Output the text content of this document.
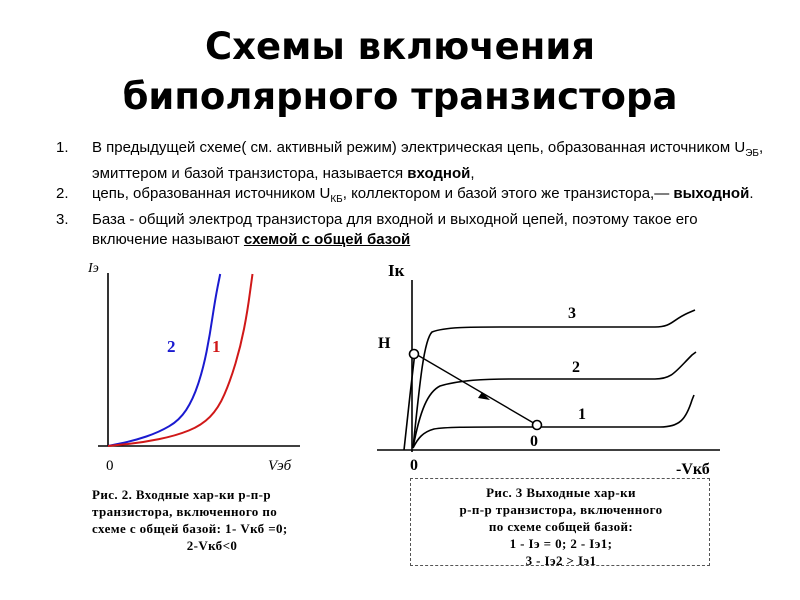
Схемы включения
биполярного транзистора
1. В предыдущей схеме( см. активный режим) электрическая цепь, образованная источником $U_{ЭБ}$, эмиттером и базой транзистора, называется входной,
2. цепь, образованная источником $U_{КБ}$, коллектором и базой этого же транзистора,— выходной.
3. База - общий электрод транзистора для входной и выходной цепей, поэтому такое его включение называют схемой с общей базой
Iэ
0	Vэб
2 1
Iк
0	-Vкб
Н
0
3
2
1
Рис. 2. Входные хар-ки р-п-р
транзистора, включенного по
схеме с общей базой: 1- Vкб =0;
2-Vкб<0
Рис. 3 Выходные хар-ки
р-п-р транзистора, включенного
по схеме собщей базой:
1 - Iэ = 0; 2 - Iэ1;
3 - Iэ2 > Iэ1
